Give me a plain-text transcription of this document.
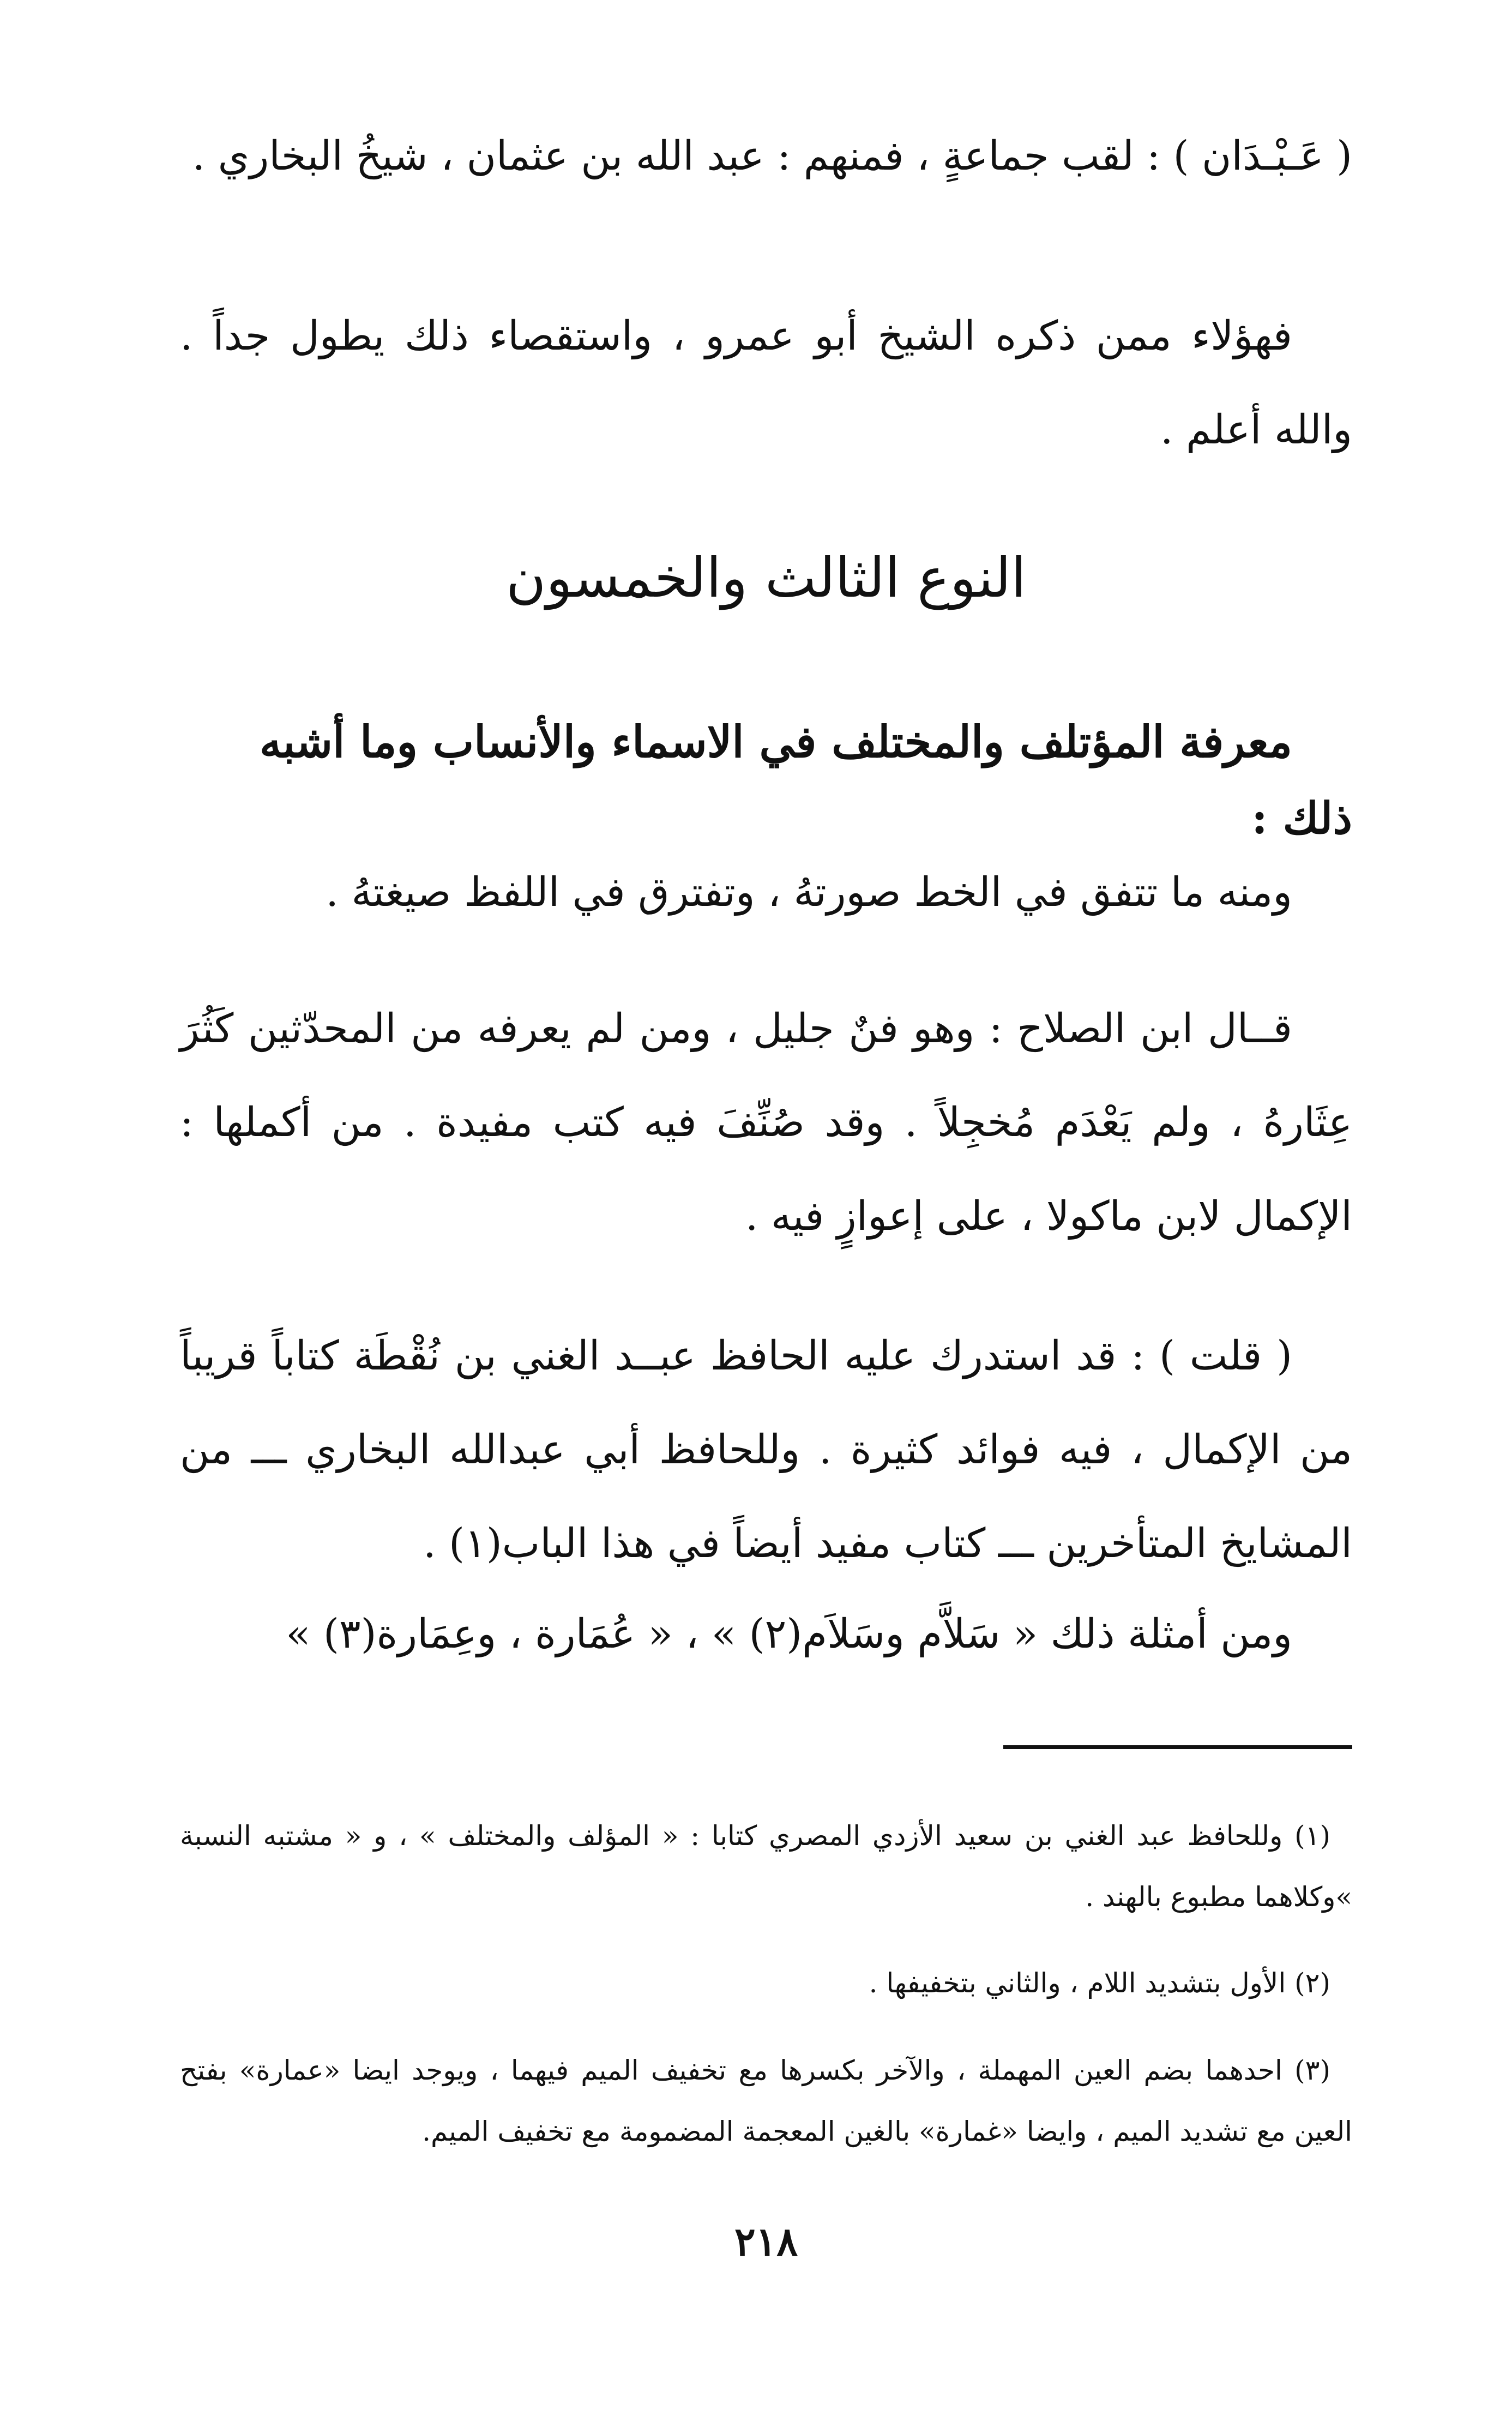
( عَـبْـدَان ) : لقب جماعةٍ ، فمنهم : عبد الله بن عثمان ، شيخُ البخاري .

فهؤلاء ممن ذكره الشيخ أبو عمرو ، واستقصاء ذلك يطول جداً . والله أعلم .

النوع الثالث والخمسون
معرفة المؤتلف والمختلف في الاسماء والأنساب وما أشبه ذلك :

ومنه ما تتفق في الخط صورتهُ ، وتفترق في اللفظ صيغتهُ .

قــال ابن الصلاح : وهو فنٌ جليل ، ومن لم يعرفه من المحدّثين كَثُرَ عِثَارهُ ، ولم يَعْدَم مُخجِلاً . وقد صُنِّفَ فيه كتب مفيدة . من أكملها : الإكمال لابن ماكولا ، على إعوازٍ فيه .

( قلت ) : قد استدرك عليه الحافظ عبــد الغني بن نُقْطَة كتاباً قريباً من الإكمال ، فيه فوائد كثيرة . وللحافظ أبي عبدالله البخاري ـــ من المشايخ المتأخرين ـــ كتاب مفيد أيضاً في هذا الباب(١) .

ومن أمثلة ذلك « سَلاَّم وسَلاَم(٢) » ، « عُمَارة ، وعِمَارة(٣) »

(١) وللحافظ عبد الغني بن سعيد الأزدي المصري كتابا : « المؤلف والمختلف » ، و « مشتبه النسبة »وكلاهما مطبوع بالهند .

(٢) الأول بتشديد اللام ، والثاني بتخفيفها .

(٣) احدهما بضم العين المهملة ، والآخر بكسرها مع تخفيف الميم فيهما ، ويوجد ايضا «عمارة» بفتح العين مع تشديد الميم ، وايضا «غمارة» بالغين المعجمة المضمومة مع تخفيف الميم.

٢١٨
